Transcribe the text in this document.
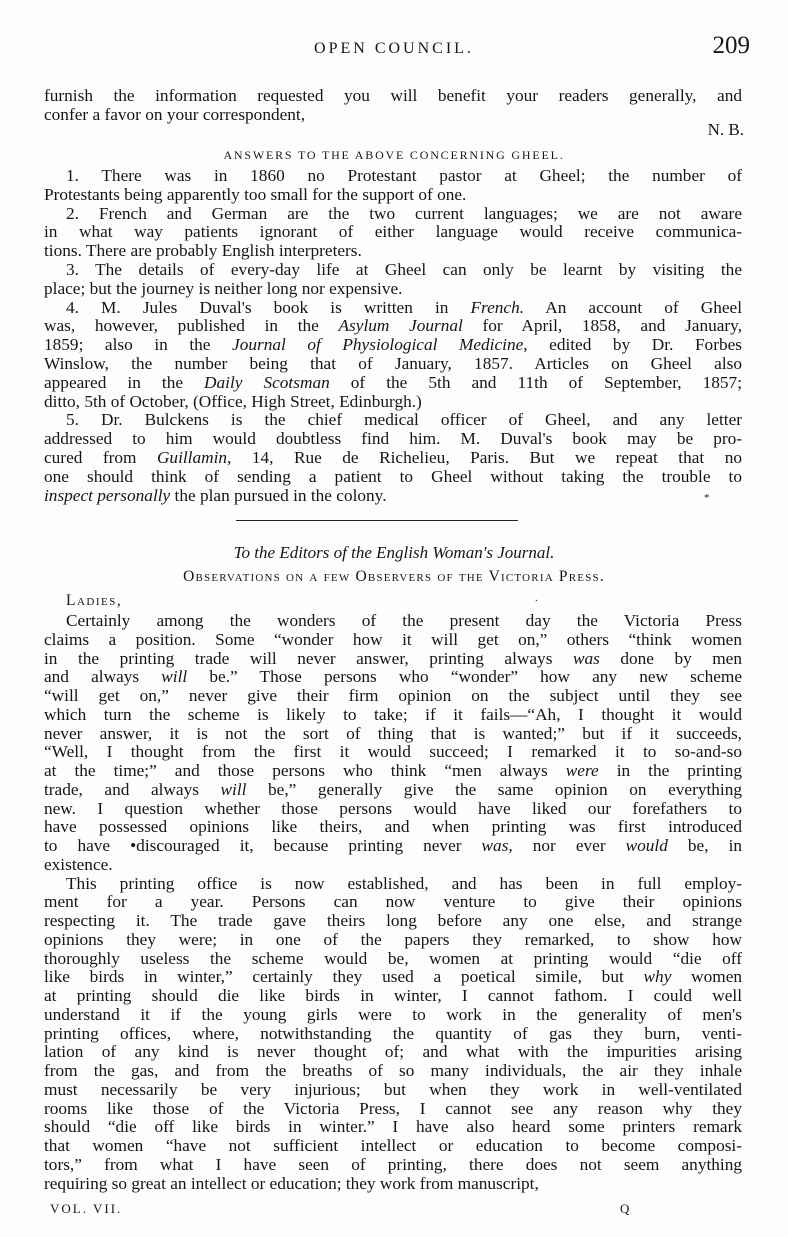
OPEN COUNCIL.	209

furnish the information requested you will benefit your readers generally, and

confer a favor on your correspondent,

N. B.

ANSWERS TO THE ABOVE CONCERNING GHEEL.

1. There was in 1860 no Protestant pastor at Gheel; the number of

Protestants being apparently too small for the support of one.

2. French and German are the two current languages; we are not aware

in what way patients ignorant of either language would receive communica-

tions. There are probably English interpreters.

3. The details of every-day life at Gheel can only be learnt by visiting the

place; but the journey is neither long nor expensive.

4. M. Jules Duval's book is written in French. An account of Gheel

was, however, published in the Asylum Journal for April, 1858, and January,

1859; also in the Journal of Physiological Medicine, edited by Dr. Forbes

Winslow, the number being that of January, 1857. Articles on Gheel also

appeared in the Daily Scotsman of the 5th and 11th of September, 1857;

ditto, 5th of October, (Office, High Street, Edinburgh.)

5. Dr. Bulckens is the chief medical officer of Gheel, and any letter

addressed to him would doubtless find him. M. Duval's book may be pro-

cured from Guillamin, 14, Rue de Richelieu, Paris. But we repeat that no

one should think of sending a patient to Gheel without taking the trouble to

inspect personally the plan pursued in the colony.	*

To the Editors of the English Woman's Journal.

Observations on a few Observers of the Victoria Press.

Ladies,	.

Certainly among the wonders of the present day the Victoria Press

claims a position. Some “wonder how it will get on,” others “think women

in the printing trade will never answer, printing always was done by men

and always will be.” Those persons who “wonder” how any new scheme

“will get on,” never give their firm opinion on the subject until they see

which turn the scheme is likely to take; if it fails—“Ah, I thought it would

never answer, it is not the sort of thing that is wanted;” but if it succeeds,

“Well, I thought from the first it would succeed; I remarked it to so-and-so

at the time;” and those persons who think “men always were in the printing

trade, and always will be,” generally give the same opinion on everything

new. I question whether those persons would have liked our forefathers to

have possessed opinions like theirs, and when printing was first introduced

to have •discouraged it, because printing never was, nor ever would be, in

existence.

This printing office is now established, and has been in full employ-

ment for a year. Persons can now venture to give their opinions

respecting it. The trade gave theirs long before any one else, and strange

opinions they were; in one of the papers they remarked, to show how

thoroughly useless the scheme would be, women at printing would “die off

like birds in winter,” certainly they used a poetical simile, but why women

at printing should die like birds in winter, I cannot fathom. I could well

understand it if the young girls were to work in the generality of men's

printing offices, where, notwithstanding the quantity of gas they burn, venti-

lation of any kind is never thought of; and what with the impurities arising

from the gas, and from the breaths of so many individuals, the air they inhale

must necessarily be very injurious; but when they work in well-ventilated

rooms like those of the Victoria Press, I cannot see any reason why they

should “die off like birds in winter.” I have also heard some printers remark

that women “have not sufficient intellect or education to become composi-

tors,” from what I have seen of printing, there does not seem anything

requiring so great an intellect or education; they work from manuscript,

VOL. VII.	Q
